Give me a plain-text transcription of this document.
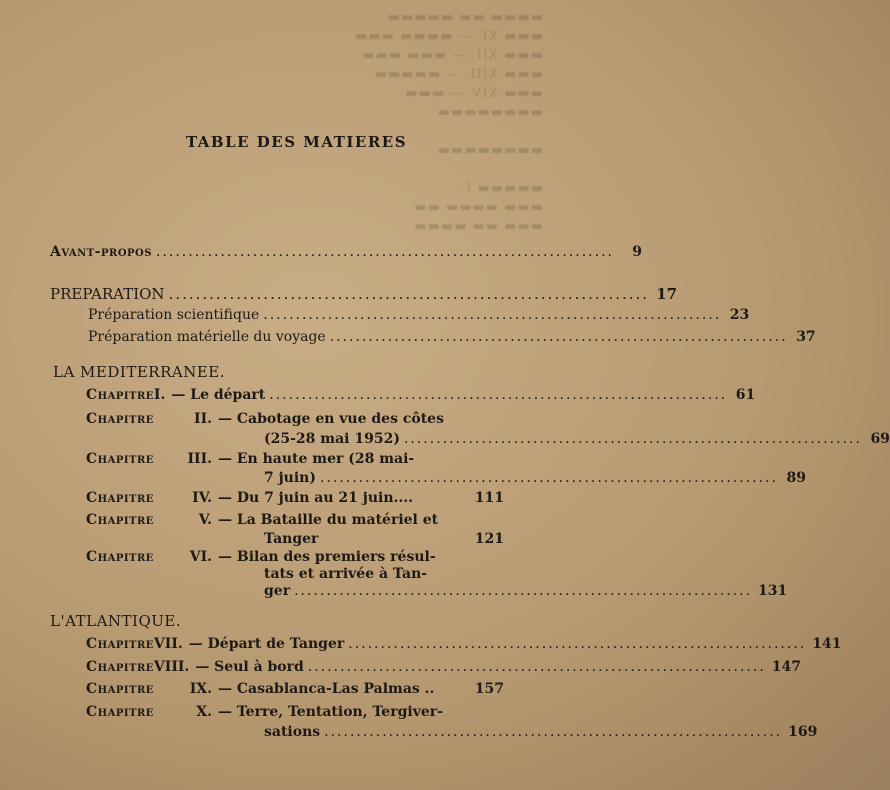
▬▬▬▬ ▬▬ ▬▬▬▬▬
▬▬▬ XI. — ▬▬▬▬ ▬▬▬
▬▬▬ XII. — ▬▬▬ ▬▬▬
▬▬▬ XIII. — ▬▬▬▬▬
▬▬▬ XIV. — ▬▬▬
▬▬▬▬▬▬▬▬

▬▬▬▬▬▬▬▬

▬▬▬▬▬ I.
▬▬▬ ▬▬▬▬ ▬▬
▬▬▬ ▬▬ ▬▬▬▬
TABLE DES MATIERES
Avant-propos .......................................................................	9
PREPARATION ....................................................................... 17
Préparation scientifique ....................................................................... 23
Préparation matérielle du voyage ....................................................................... 37
LA MEDITERRANEE.
Chapitre I. — Le départ ....................................................................... 61
Chapitre	II. — Cabotage en vue des côtes
(25-28 mai 1952) ....................................................................... 69
Chapitre	III. — En haute mer (28 mai-
7 juin) ....................................................................... 89
Chapitre	IV. — Du 7 juin au 21 juin....	111
Chapitre	V. — La Bataille du matériel et
Tanger	121
Chapitre	VI. — Bilan des premiers résul-
tats et arrivée à Tan-
ger ....................................................................... 131
L'ATLANTIQUE.
Chapitre VII. — Départ de Tanger ....................................................................... 141
Chapitre VIII. — Seul à bord ....................................................................... 147
Chapitre	IX. — Casablanca-Las Palmas ..	157
Chapitre	X. — Terre, Tentation, Tergiver-
sations ....................................................................... 169
